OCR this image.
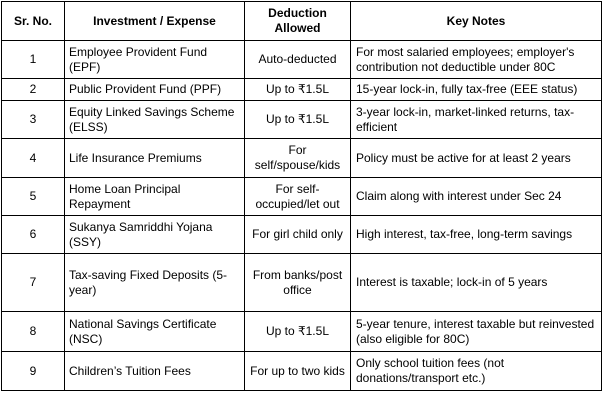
Sr. No.	Investment / Expense	Deduction Allowed	Key Notes
1	Employee Provident Fund (EPF)	Auto-deducted	For most salaried employees; employer's contribution not deductible under 80C
2	Public Provident Fund (PPF)	Up to ₹1.5L	15-year lock-in, fully tax-free (EEE status)
3	Equity Linked Savings Scheme (ELSS)	Up to ₹1.5L	3-year lock-in, market-linked returns, tax-efficient
4	Life Insurance Premiums	For self/spouse/kids	Policy must be active for at least 2 years
5	Home Loan Principal Repayment	For self-occupied/let out	Claim along with interest under Sec 24
6	Sukanya Samriddhi Yojana (SSY)	For girl child only	High interest, tax-free, long-term savings
7	Tax-saving Fixed Deposits (5-year)	From banks/post office	Interest is taxable; lock-in of 5 years
8	National Savings Certificate (NSC)	Up to ₹1.5L	5-year tenure, interest taxable but reinvested (also eligible for 80C)
9	Children’s Tuition Fees	For up to two kids	Only school tuition fees (not donations/transport etc.)
